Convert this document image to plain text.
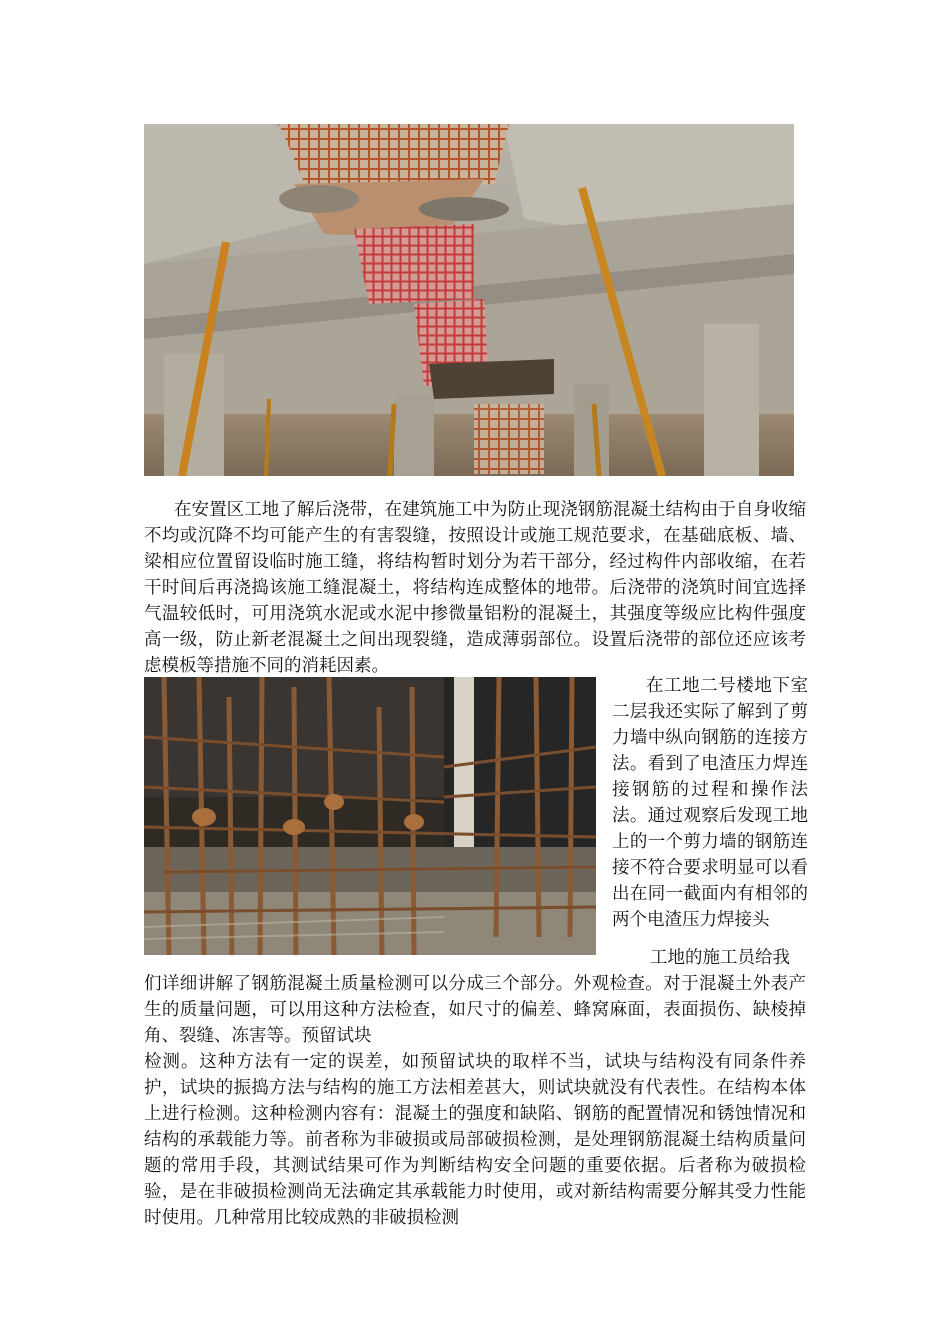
在安置区工地了解后浇带，在建筑施工中为防止现浇钢筋混凝土结构由于自身收缩不均或沉降不均可能产生的有害裂缝，按照设计或施工规范要求，在基础底板、墙、梁相应位置留设临时施工缝，将结构暂时划分为若干部分，经过构件内部收缩，在若干时间后再浇捣该施工缝混凝土，将结构连成整体的地带。后浇带的浇筑时间宜选择气温较低时，可用浇筑水泥或水泥中掺微量铝粉的混凝土，其强度等级应比构件强度高一级，防止新老混凝土之间出现裂缝，造成薄弱部位。设置后浇带的部位还应该考虑模板等措施不同的消耗因素。

在工地二号楼地下室二层我还实际了解到了剪力墙中纵向钢筋的连接方法。看到了电渣压力焊连接钢筋的过程和操作法法。通过观察后发现工地上的一个剪力墙的钢筋连接不符合要求明显可以看出在同一截面内有相邻的两个电渣压力焊接头

工地的施工员给我
们详细讲解了钢筋混凝土质量检测可以分成三个部分。外观检查。对于混凝土外表产生的质量问题，可以用这种方法检查，如尺寸的偏差、蜂窝麻面，表面损伤、缺棱掉角、裂缝、冻害等。预留试块
检测。这种方法有一定的误差，如预留试块的取样不当，试块与结构没有同条件养护，试块的振捣方法与结构的施工方法相差甚大，则试块就没有代表性。在结构本体上进行检测。这种检测内容有：混凝土的强度和缺陷、钢筋的配置情况和锈蚀情况和结构的承载能力等。前者称为非破损或局部破损检测，是处理钢筋混凝土结构质量问题的常用手段，其测试结果可作为判断结构安全问题的重要依据。后者称为破损检验，是在非破损检测尚无法确定其承载能力时使用，或对新结构需要分解其受力性能时使用。几种常用比较成熟的非破损检测
